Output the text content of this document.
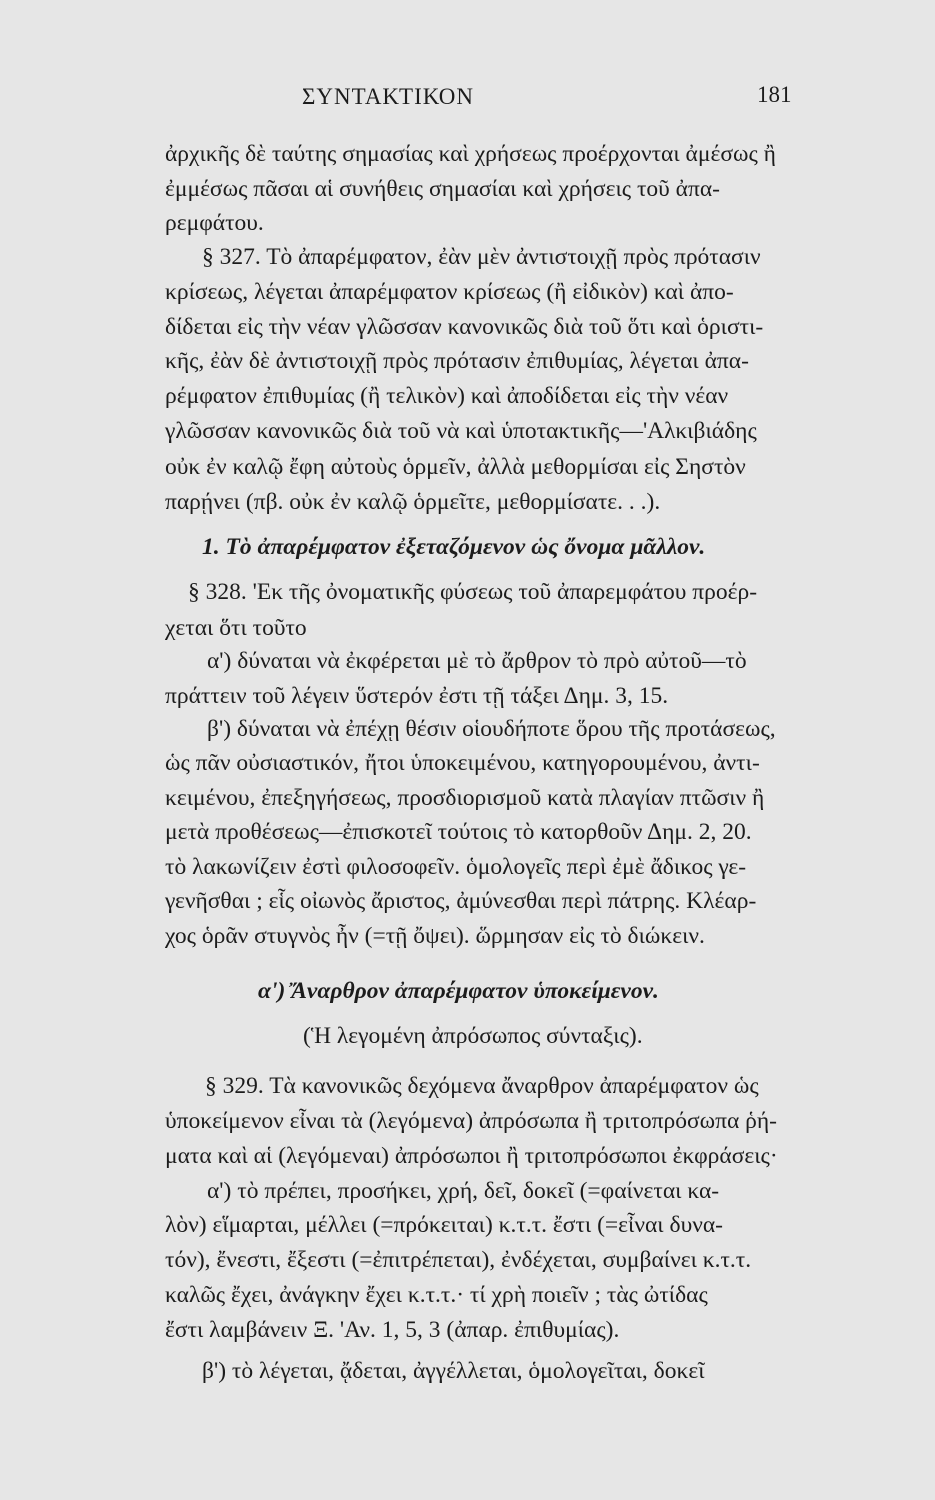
ΣΥΝΤΑΚΤΙΚΟΝ	181
ἀρχικῆς δὲ ταύτης σημασίας καὶ χρήσεως προέρχονται ἀμέσως ἢ
ἐμμέσως πᾶσαι αἱ συνήθεις σημασίαι καὶ χρήσεις τοῦ ἀπα-
ρεμφάτου.
§ 327. Τὸ ἀπαρέμφατον, ἐὰν μὲν ἀντιστοιχῇ πρὸς πρότασιν
κρίσεως, λέγεται ἀπαρέμφατον κρίσεως (ἢ εἰδικὸν) καὶ ἀπο-
δίδεται εἰς τὴν νέαν γλῶσσαν κανονικῶς διὰ τοῦ ὅτι καὶ ὁριστι-
κῆς, ἐὰν δὲ ἀντιστοιχῇ πρὸς πρότασιν ἐπιθυμίας, λέγεται ἀπα-
ρέμφατον ἐπιθυμίας (ἢ τελικὸν) καὶ ἀποδίδεται εἰς τὴν νέαν
γλῶσσαν κανονικῶς διὰ τοῦ νὰ καὶ ὑποτακτικῆς—'Αλκιβιάδης
οὐκ ἐν καλῷ ἔφη αὐτοὺς ὁρμεῖν, ἀλλὰ μεθορμίσαι εἰς Σηστὸν
παρῄνει (πβ. οὐκ ἐν καλῷ ὁρμεῖτε, μεθορμίσατε. . .).
1. Τὸ ἀπαρέμφατον ἐξεταζόμενον ὡς ὄνομα μᾶλλον.
§ 328. 'Εκ τῆς ὀνοματικῆς φύσεως τοῦ ἀπαρεμφάτου προέρ-
χεται ὅτι τοῦτο
α') δύναται νὰ ἐκφέρεται μὲ τὸ ἄρθρον τὸ πρὸ αὐτοῦ—τὸ
πράττειν τοῦ λέγειν ὕστερόν ἐστι τῇ τάξει Δημ. 3, 15.
β') δύναται νὰ ἐπέχῃ θέσιν οἱουδήποτε ὅρου τῆς προτάσεως,
ὡς πᾶν οὐσιαστικόν, ἤτοι ὑποκειμένου, κατηγορουμένου, ἀντι-
κειμένου, ἐπεξηγήσεως, προσδιορισμοῦ κατὰ πλαγίαν πτῶσιν ἢ
μετὰ προθέσεως—ἐπισκοτεῖ τούτοις τὸ κατορθοῦν Δημ. 2, 20.
τὸ λακωνίζειν ἐστὶ φιλοσοφεῖν. ὁμολογεῖς περὶ ἐμὲ ἄδικος γε-
γενῆσθαι ; εἷς οἰωνὸς ἄριστος, ἀμύνεσθαι περὶ πάτρης. Κλέαρ-
χος ὁρᾶν στυγνὸς ἦν (=τῇ ὄψει). ὥρμησαν εἰς τὸ διώκειν.
α') Ἄναρθρον ἀπαρέμφατον ὑποκείμενον.
(Ἡ λεγομένη ἀπρόσωπος σύνταξις).
§ 329. Τὰ κανονικῶς δεχόμενα ἄναρθρον ἀπαρέμφατον ὡς
ὑποκείμενον εἶναι τὰ (λεγόμενα) ἀπρόσωπα ἢ τριτοπρόσωπα ῥή-
ματα καὶ αἱ (λεγόμεναι) ἀπρόσωποι ἢ τριτοπρόσωποι ἐκφράσεις·
α') τὸ πρέπει, προσήκει, χρή, δεῖ, δοκεῖ (=φαίνεται κα-
λὸν) εἵμαρται, μέλλει (=πρόκειται) κ.τ.τ. ἔστι (=εἶναι δυνα-
τόν), ἔνεστι, ἔξεστι (=ἐπιτρέπεται), ἐνδέχεται, συμβαίνει κ.τ.τ.
καλῶς ἔχει, ἀνάγκην ἔχει κ.τ.τ.· τί χρὴ ποιεῖν ; τὰς ὠτίδας
ἔστι λαμβάνειν Ξ. 'Αν. 1, 5, 3 (ἀπαρ. ἐπιθυμίας).
β') τὸ λέγεται, ᾄδεται, ἀγγέλλεται, ὁμολογεῖται, δοκεῖ
